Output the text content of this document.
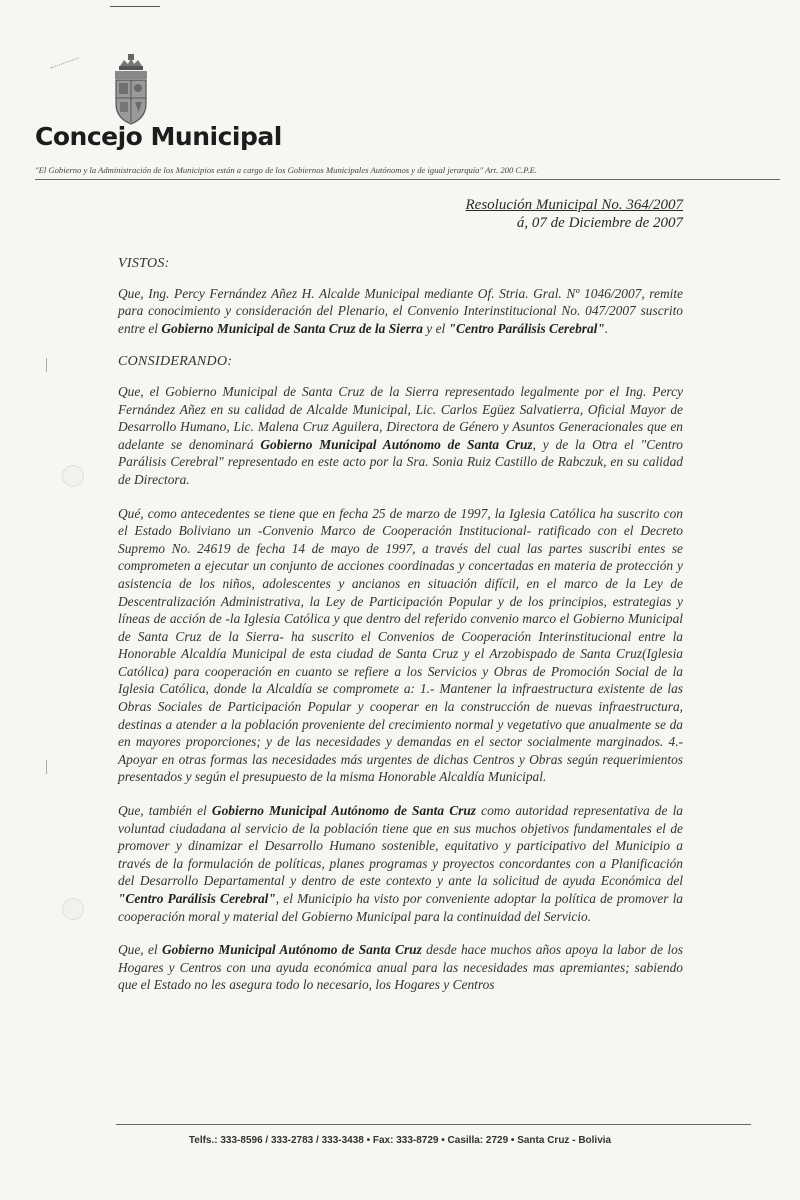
Concejo Municipal
"El Gobierno y la Administración de los Municipios están a cargo de los Gobiernos Municipales Autónomos y de igual jerarquía" Art. 200 C.P.E.
Resolución Municipal No. 364/2007
á, 07 de Diciembre de 2007
VISTOS:

Que, Ing. Percy Fernández Añez H. Alcalde Municipal mediante Of. Stria. Gral. Nº 1046/2007, remite para conocimiento y consideración del Plenario, el Convenio Interinstitucional No. 047/2007 suscrito entre el Gobierno Municipal de Santa Cruz de la Sierra y el "Centro Parálisis Cerebral".

CONSIDERANDO:

Que, el Gobierno Municipal de Santa Cruz de la Sierra representado legalmente por el Ing. Percy Fernández Añez en su calidad de Alcalde Municipal, Lic. Carlos Egüez Salvatierra, Oficial Mayor de Desarrollo Humano, Lic. Malena Cruz Aguilera, Directora de Género y Asuntos Generacionales que en adelante se denominará Gobierno Municipal Autónomo de Santa Cruz, y de la Otra el "Centro Parálisis Cerebral" representado en este acto por la Sra. Sonia Ruiz Castillo de Rabczuk, en su calidad de Directora.

Qué, como antecedentes se tiene que en fecha 25 de marzo de 1997, la Iglesia Católica ha suscrito con el Estado Boliviano un -Convenio Marco de Cooperación Institucional- ratificado con el Decreto Supremo No. 24619 de fecha 14 de mayo de 1997, a través del cual las partes suscribi entes se comprometen a ejecutar un conjunto de acciones coordinadas y concertadas en materia de protección y asistencia de los niños, adolescentes y ancianos en situación difícil, en el marco de la Ley de Descentralización Administrativa, la Ley de Participación Popular y de los principios, estrategias y líneas de acción de -la Iglesia Católica y que dentro del referido convenio marco el Gobierno Municipal de Santa Cruz de la Sierra- ha suscrito el Convenios de Cooperación Interinstitucional entre la Honorable Alcaldía Municipal de esta ciudad de Santa Cruz y el Arzobispado de Santa Cruz(Iglesia Católica) para cooperación en cuanto se refiere a los Servicios y Obras de Promoción Social de la Iglesia Católica, donde la Alcaldía se compromete a: 1.- Mantener la infraestructura existente de las Obras Sociales de Participación Popular y cooperar en la construcción de nuevas infraestructura, destinas a atender a la población proveniente del crecimiento normal y vegetativo que anualmente se da en mayores proporciones; y de las necesidades y demandas en el sector socialmente marginados. 4.- Apoyar en otras formas las necesidades más urgentes de dichas Centros y Obras según requerimientos presentados y según el presupuesto de la misma Honorable Alcaldía Municipal.

Que, también el Gobierno Municipal Autónomo de Santa Cruz como autoridad representativa de la voluntad ciudadana al servicio de la población tiene que en sus muchos objetivos fundamentales el de promover y dinamizar el Desarrollo Humano sostenible, equitativo y participativo del Municipio a través de la formulación de políticas, planes programas y proyectos concordantes con a Planificación del Desarrollo Departamental y dentro de este contexto y ante la solicitud de ayuda Económica del "Centro Parálisis Cerebral", el Municipio ha visto por conveniente adoptar la política de promover la cooperación moral y material del Gobierno Municipal para la continuidad del Servicio.

Que, el Gobierno Municipal Autónomo de Santa Cruz desde hace muchos años apoya la labor de los Hogares y Centros con una ayuda económica anual para las necesidades mas apremiantes; sabiendo que el Estado no les asegura todo lo necesario, los Hogares y Centros

Telfs.: 333-8596 / 333-2783 / 333-3438 • Fax: 333-8729 • Casilla: 2729 • Santa Cruz - Bolivia
